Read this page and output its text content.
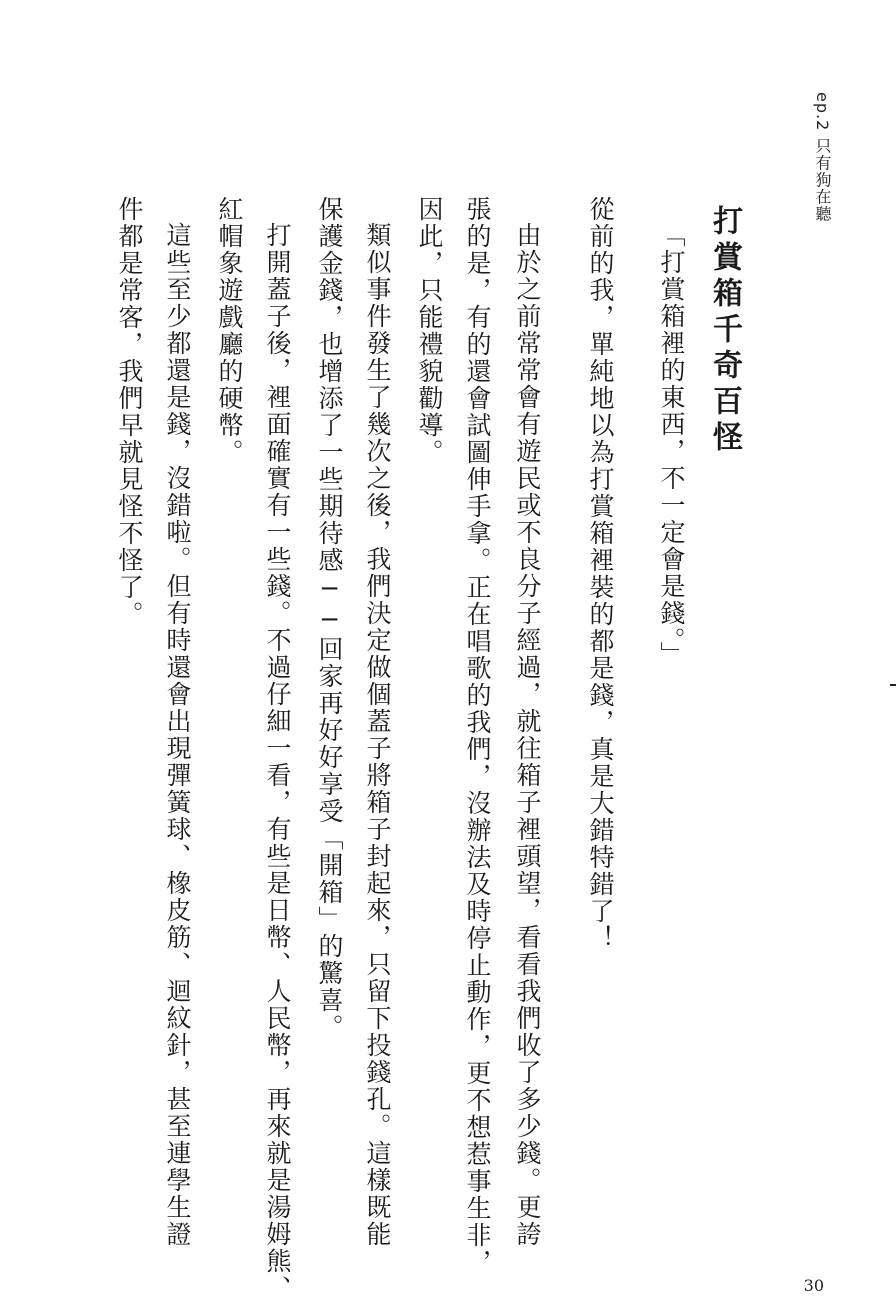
ep.2 只有狗在聽
打賞箱千奇百怪
「打賞箱裡的東西，不一定會是錢。」
從前的我，單純地以為打賞箱裡裝的都是錢，真是大錯特錯了！
由於之前常常會有遊民或不良分子經過，就往箱子裡頭望，看看我們收了多少錢。更誇
張的是，有的還會試圖伸手拿。正在唱歌的我們，沒辦法及時停止動作，更不想惹事生非，
因此，只能禮貌勸導。
類似事件發生了幾次之後，我們決定做個蓋子將箱子封起來，只留下投錢孔。這樣既能
保護金錢，也增添了一些期待感──回家再好好享受「開箱」的驚喜。
打開蓋子後，裡面確實有一些錢。不過仔細一看，有些是日幣、人民幣，再來就是湯姆熊、
紅帽象遊戲廳的硬幣。
這些至少都還是錢，沒錯啦。但有時還會出現彈簧球、橡皮筋、迴紋針，甚至連學生證
件都是常客，我們早就見怪不怪了。
30
